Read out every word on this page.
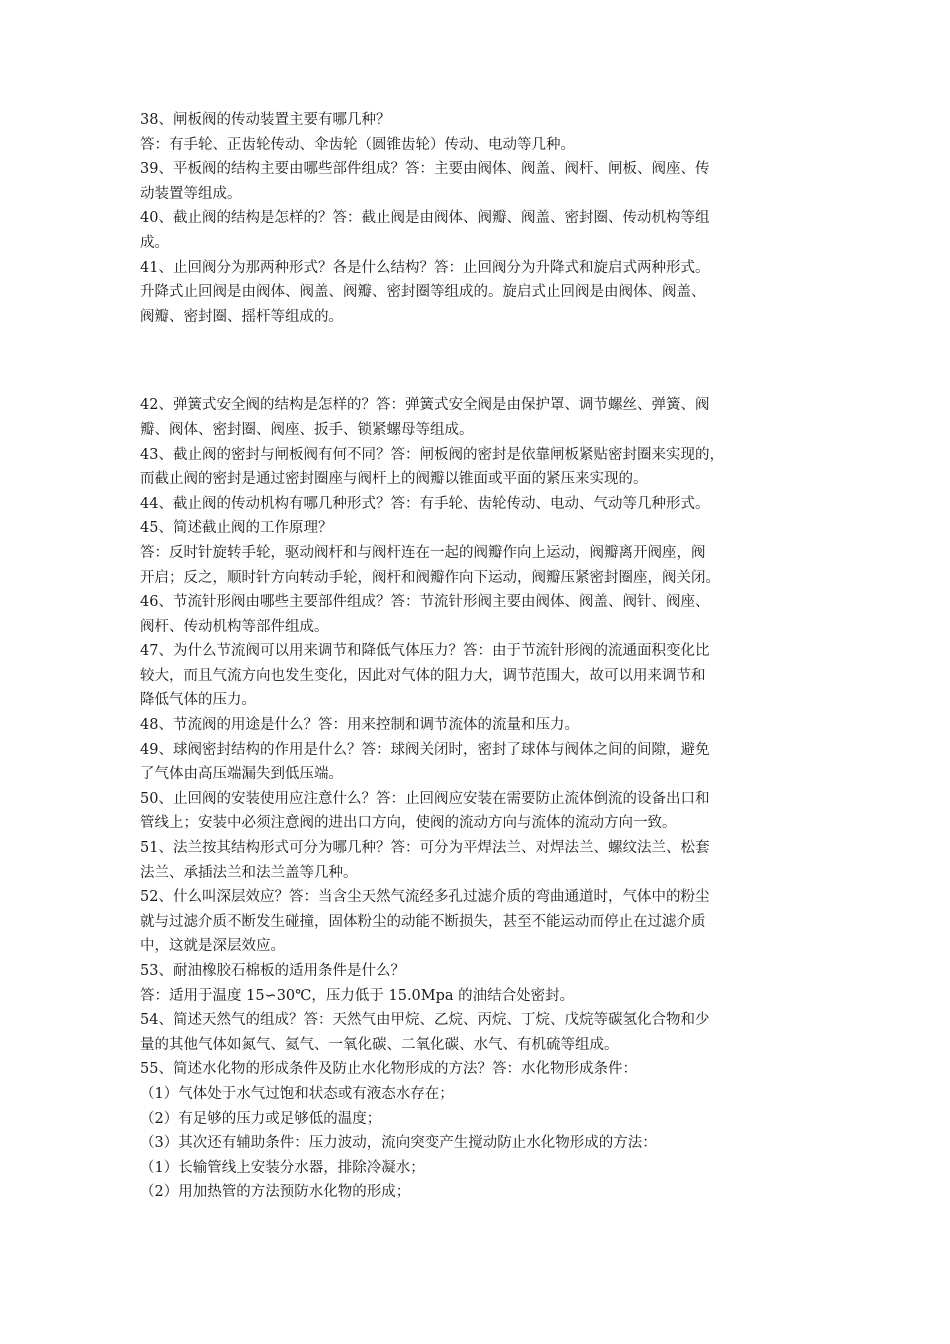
38、闸板阀的传动装置主要有哪几种？
答：有手轮、正齿轮传动、伞齿轮（圆锥齿轮）传动、电动等几种。
39、平板阀的结构主要由哪些部件组成？答：主要由阀体、阀盖、阀杆、闸板、阀座、传
动装置等组成。
40、截止阀的结构是怎样的？答：截止阀是由阀体、阀瓣、阀盖、密封圈、传动机构等组
成。
41、止回阀分为那两种形式？各是什么结构？答：止回阀分为升降式和旋启式两种形式。
升降式止回阀是由阀体、阀盖、阀瓣、密封圈等组成的。旋启式止回阀是由阀体、阀盖、
阀瓣、密封圈、摇杆等组成的。
42、弹簧式安全阀的结构是怎样的？答：弹簧式安全阀是由保护罩、调节螺丝、弹簧、阀
瓣、阀体、密封圈、阀座、扳手、锁紧螺母等组成。
43、截止阀的密封与闸板阀有何不同？答：闸板阀的密封是依靠闸板紧贴密封圈来实现的，
而截止阀的密封是通过密封圈座与阀杆上的阀瓣以锥面或平面的紧压来实现的。
44、截止阀的传动机构有哪几种形式？答：有手轮、齿轮传动、电动、气动等几种形式。
45、简述截止阀的工作原理？
答：反时针旋转手轮，驱动阀杆和与阀杆连在一起的阀瓣作向上运动，阀瓣离开阀座，阀
开启；反之，顺时针方向转动手轮，阀杆和阀瓣作向下运动，阀瓣压紧密封圈座，阀关闭。
46、节流针形阀由哪些主要部件组成？答：节流针形阀主要由阀体、阀盖、阀针、阀座、
阀杆、传动机构等部件组成。
47、为什么节流阀可以用来调节和降低气体压力？答：由于节流针形阀的流通面积变化比
较大，而且气流方向也发生变化，因此对气体的阻力大，调节范围大，故可以用来调节和
降低气体的压力。
48、节流阀的用途是什么？答：用来控制和调节流体的流量和压力。
49、球阀密封结构的作用是什么？答：球阀关闭时，密封了球体与阀体之间的间隙，避免
了气体由高压端漏失到低压端。
50、止回阀的安装使用应注意什么？答：止回阀应安装在需要防止流体倒流的设备出口和
管线上；安装中必须注意阀的进出口方向，使阀的流动方向与流体的流动方向一致。
51、法兰按其结构形式可分为哪几种？答：可分为平焊法兰、对焊法兰、螺纹法兰、松套
法兰、承插法兰和法兰盖等几种。
52、什么叫深层效应？答：当含尘天然气流经多孔过滤介质的弯曲通道时，气体中的粉尘
就与过滤介质不断发生碰撞，固体粉尘的动能不断损失，甚至不能运动而停止在过滤介质
中，这就是深层效应。
53、耐油橡胶石棉板的适用条件是什么？
答：适用于温度 15∽30℃，压力低于 15.0Mpa 的油结合处密封。
54、简述天然气的组成？答：天然气由甲烷、乙烷、丙烷、丁烷、戊烷等碳氢化合物和少
量的其他气体如氮气、氦气、一氧化碳、二氧化碳、水气、有机硫等组成。
55、简述水化物的形成条件及防止水化物形成的方法？答：水化物形成条件：
（1）气体处于水气过饱和状态或有液态水存在；
（2）有足够的压力或足够低的温度；
（3）其次还有辅助条件：压力波动，流向突变产生搅动防止水化物形成的方法：
（1）长输管线上安装分水器，排除冷凝水；
（2）用加热管的方法预防水化物的形成；
